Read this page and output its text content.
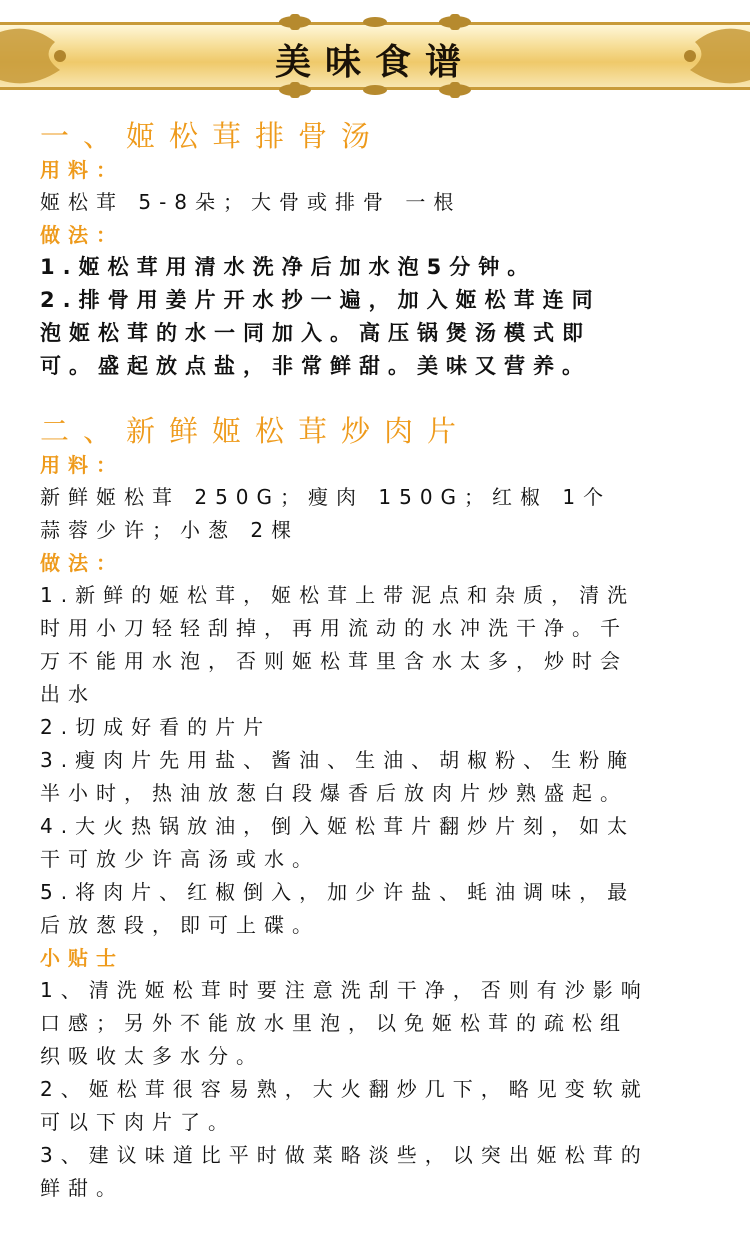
美味食谱
一、姬松茸排骨汤
用料：
姬松茸 5-8朵；大骨或排骨 一根
做法：
1.姬松茸用清水洗净后加水泡5分钟。
2.排骨用姜片开水抄一遍，加入姬松茸连同
泡姬松茸的水一同加入。高压锅煲汤模式即
可。盛起放点盐，非常鲜甜。美味又营养。
二、新鲜姬松茸炒肉片
用料：
新鲜姬松茸 250G；瘦肉 150G；红椒 1个
蒜蓉少许；小葱 2棵
做法：
1.新鲜的姬松茸，姬松茸上带泥点和杂质，清洗
时用小刀轻轻刮掉，再用流动的水冲洗干净。千
万不能用水泡，否则姬松茸里含水太多，炒时会
出水
2.切成好看的片片
3.瘦肉片先用盐、酱油、生油、胡椒粉、生粉腌
半小时，热油放葱白段爆香后放肉片炒熟盛起。
4.大火热锅放油，倒入姬松茸片翻炒片刻，如太
干可放少许高汤或水。
5.将肉片、红椒倒入，加少许盐、蚝油调味，最
后放葱段，即可上碟。
小贴士
1、清洗姬松茸时要注意洗刮干净，否则有沙影响
口感；另外不能放水里泡，以免姬松茸的疏松组
织吸收太多水分。
2、姬松茸很容易熟，大火翻炒几下，略见变软就
可以下肉片了。
3、建议味道比平时做菜略淡些，以突出姬松茸的
鲜甜。
